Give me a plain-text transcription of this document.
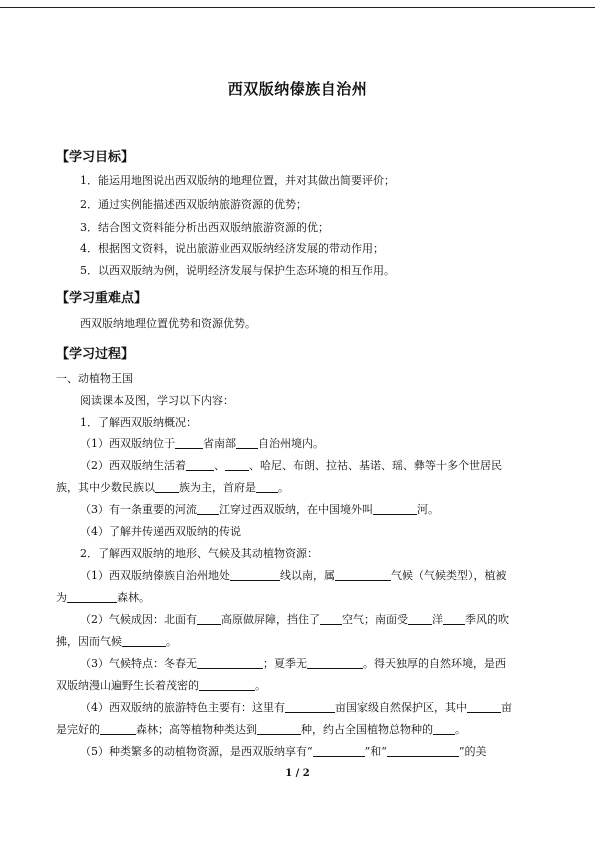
西双版纳傣族自治州
【学习目标】
1．能运用地图说出西双版纳的地理位置，并对其做出简要评价；
2．通过实例能描述西双版纳旅游资源的优势；
3．结合图文资料能分析出西双版纳旅游资源的优；
4．根据图文资料，说出旅游业西双版纳经济发展的带动作用；
5．以西双版纳为例，说明经济发展与保护生态环境的相互作用。
【学习重难点】
西双版纳地理位置优势和资源优势。
【学习过程】
一、动植物王国
阅读课本及图，学习以下内容：
1．了解西双版纳概况：
（1）西双版纳位于	省南部 自治州境内。
（2）西双版纳生活着	、 、哈尼、布朗、拉祜、基诺、瑶、彝等十多个世居民
族，其中少数民族以 族为主，首府是 。
（3）有一条重要的河流 江穿过西双版纳，在中国境外叫	河。
（4）了解并传递西双版纳的传说
2．了解西双版纳的地形、气候及其动植物资源：
（1）西双版纳傣族自治州地处	线以南，属	气候（气候类型），植被
为	森林。
（2）气候成因：北面有 高原做屏障，挡住了 空气；南面受 洋 季风的吹
拂，因而气候	。
（3）气候特点：冬春无	；夏季无	。得天独厚的自然环境，是西
双版纳漫山遍野生长着茂密的	。
（4）西双版纳的旅游特色主要有：这里有	亩国家级自然保护区，其中	亩
是完好的	森林；高等植物种类达到	种，约占全国植物总物种的 。
（5）种类繁多的动植物资源，是西双版纳享有“	”和“	”的美
1 / 2
